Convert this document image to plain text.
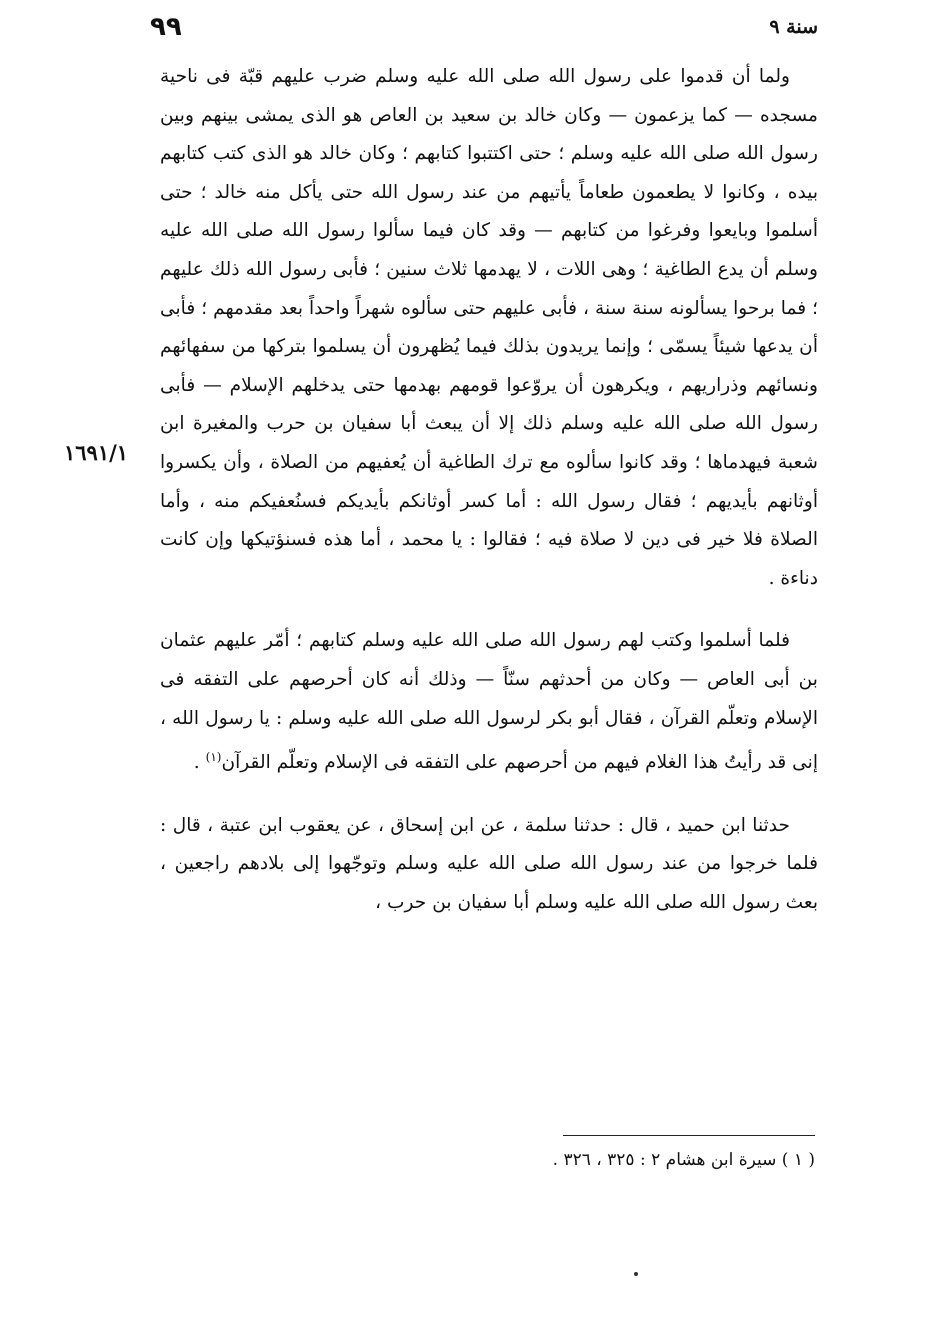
٩٩	سنة ٩
١٦٩١/١

ولما أن قدموا على رسول الله صلى الله عليه وسلم ضرب عليهم قبّة فى ناحية مسجده — كما يزعمون — وكان خالد بن سعيد بن العاص هو الذى يمشى بينهم وبين رسول الله صلى الله عليه وسلم ؛ حتى اكتتبوا كتابهم ؛ وكان خالد هو الذى كتب كتابهم بيده ، وكانوا لا يطعمون طعاماً يأتيهم من عند رسول الله حتى يأكل منه خالد ؛ حتى أسلموا وبايعوا وفرغوا من كتابهم — وقد كان فيما سألوا رسول الله صلى الله عليه وسلم أن يدع الطاغية ؛ وهى اللات ، لا يهدمها ثلاث سنين ؛ فأبى رسول الله ذلك عليهم ؛ فما برحوا يسألونه سنة سنة ، فأبى عليهم حتى سألوه شهراً واحداً بعد مقدمهم ؛ فأبى أن يدعها شيئاً يسمّى ؛ وإنما يريدون بذلك فيما يُظهرون أن يسلموا بتركها من سفهائهم ونسائهم وذراريهم ، ويكرهون أن يروّعوا قومهم بهدمها حتى يدخلهم الإسلام — فأبى رسول الله صلى الله عليه وسلم ذلك إلا أن يبعث أبا سفيان بن حرب والمغيرة ابن شعبة فيهدماها ؛ وقد كانوا سألوه مع ترك الطاغية أن يُعفيهم من الصلاة ، وأن يكسروا أوثانهم بأيديهم ؛ فقال رسول الله : أما كسر أوثانكم بأيديكم فسنُعفيكم منه ، وأما الصلاة فلا خير فى دين لا صلاة فيه ؛ فقالوا : يا محمد ، أما هذه فسنؤتيكها وإن كانت دناءة .

فلما أسلموا وكتب لهم رسول الله صلى الله عليه وسلم كتابهم ؛ أمّر عليهم عثمان بن أبى العاص — وكان من أحدثهم سنّاً — وذلك أنه كان أحرصهم على التفقه فى الإسلام وتعلّم القرآن ، فقال أبو بكر لرسول الله صلى الله عليه وسلم : يا رسول الله ، إنى قد رأيتُ هذا الغلام فيهم من أحرصهم على التفقه فى الإسلام وتعلّم القرآن$^{(١)}$ .

حدثنا ابن حميد ، قال : حدثنا سلمة ، عن ابن إسحاق ، عن يعقوب ابن عتبة ، قال : فلما خرجوا من عند رسول الله صلى الله عليه وسلم وتوجّهوا إلى بلادهم راجعين ، بعث رسول الله صلى الله عليه وسلم أبا سفيان بن حرب ،

( ١ ) سيرة ابن هشام ٢ : ٣٢٥ ، ٣٢٦ .
